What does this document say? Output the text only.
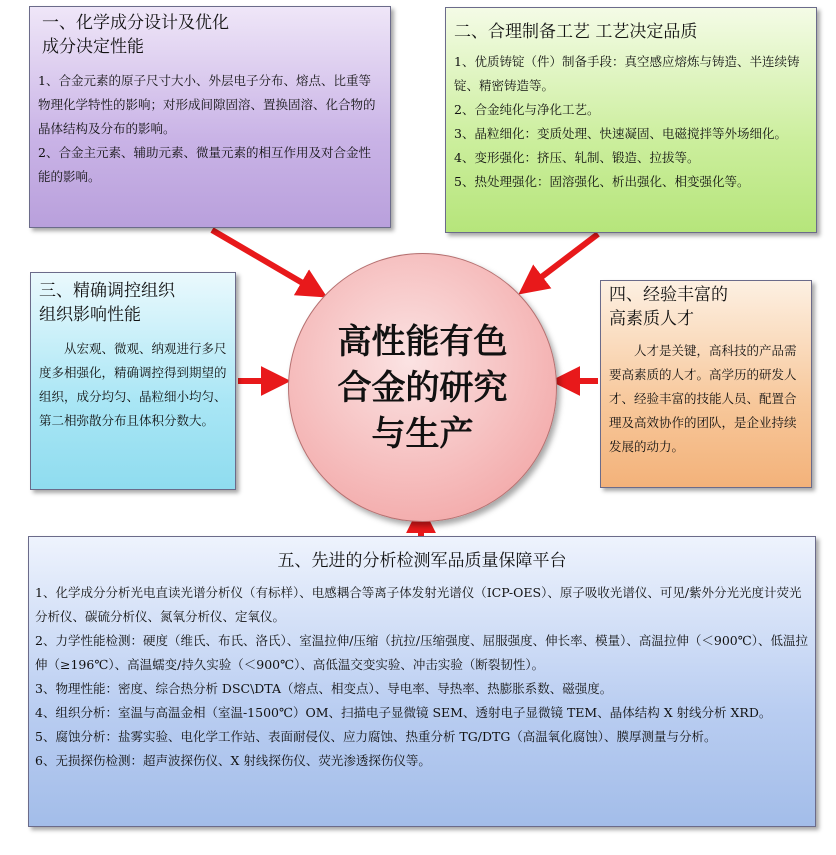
一、化学成分设计及优化
成分决定性能

1、合金元素的原子尺寸大小、外层电子分布、熔点、比重等物理化学特性的影响；对形成间隙固溶、置换固溶、化合物的晶体结构及分布的影响。

2、合金主元素、辅助元素、微量元素的相互作用及对合金性能的影响。

二、合理制备工艺 工艺决定品质

1、优质铸锭（件）制备手段：真空感应熔炼与铸造、半连续铸锭、精密铸造等。

2、合金纯化与净化工艺。

3、晶粒细化：变质处理、快速凝固、电磁搅拌等外场细化。

4、变形强化：挤压、轧制、锻造、拉拔等。

5、热处理强化：固溶强化、析出强化、相变强化等。

三、精确调控组织
组织影响性能

从宏观、微观、纳观进行多尺度多相强化，精确调控得到期望的组织，成分均匀、晶粒细小均匀、第二相弥散分布且体积分数大。

高性能有色
合金的研究
与生产
四、经验丰富的
高素质人才

人才是关键，高科技的产品需要高素质的人才。高学历的研发人才、经验丰富的技能人员、配置合理及高效协作的团队，是企业持续发展的动力。

五、先进的分析检测军品质量保障平台

1、化学成分分析光电直读光谱分析仪（有标样）、电感耦合等离子体发射光谱仪（ICP-OES）、原子吸收光谱仪、可见/紫外分光光度计荧光分析仪、碳硫分析仪、氮氧分析仪、定氧仪。

2、力学性能检测：硬度（维氏、布氏、洛氏）、室温拉伸/压缩（抗拉/压缩强度、屈服强度、伸长率、模量）、高温拉伸（＜900℃）、低温拉伸（≥196℃）、高温蠕变/持久实验（＜900℃）、高低温交变实验、冲击实验（断裂韧性）。

3、物理性能：密度、综合热分析 DSC\DTA（熔点、相变点）、导电率、导热率、热膨胀系数、磁强度。

4、组织分析：室温与高温金相（室温-1500℃）OM、扫描电子显微镜 SEM、透射电子显微镜 TEM、晶体结构 X 射线分析 XRD。

5、腐蚀分析：盐雾实验、电化学工作站、表面耐侵仪、应力腐蚀、热重分析 TG/DTG（高温氧化腐蚀）、膜厚测量与分析。

6、无损探伤检测：超声波探伤仪、X 射线探伤仪、荧光渗透探伤仪等。
